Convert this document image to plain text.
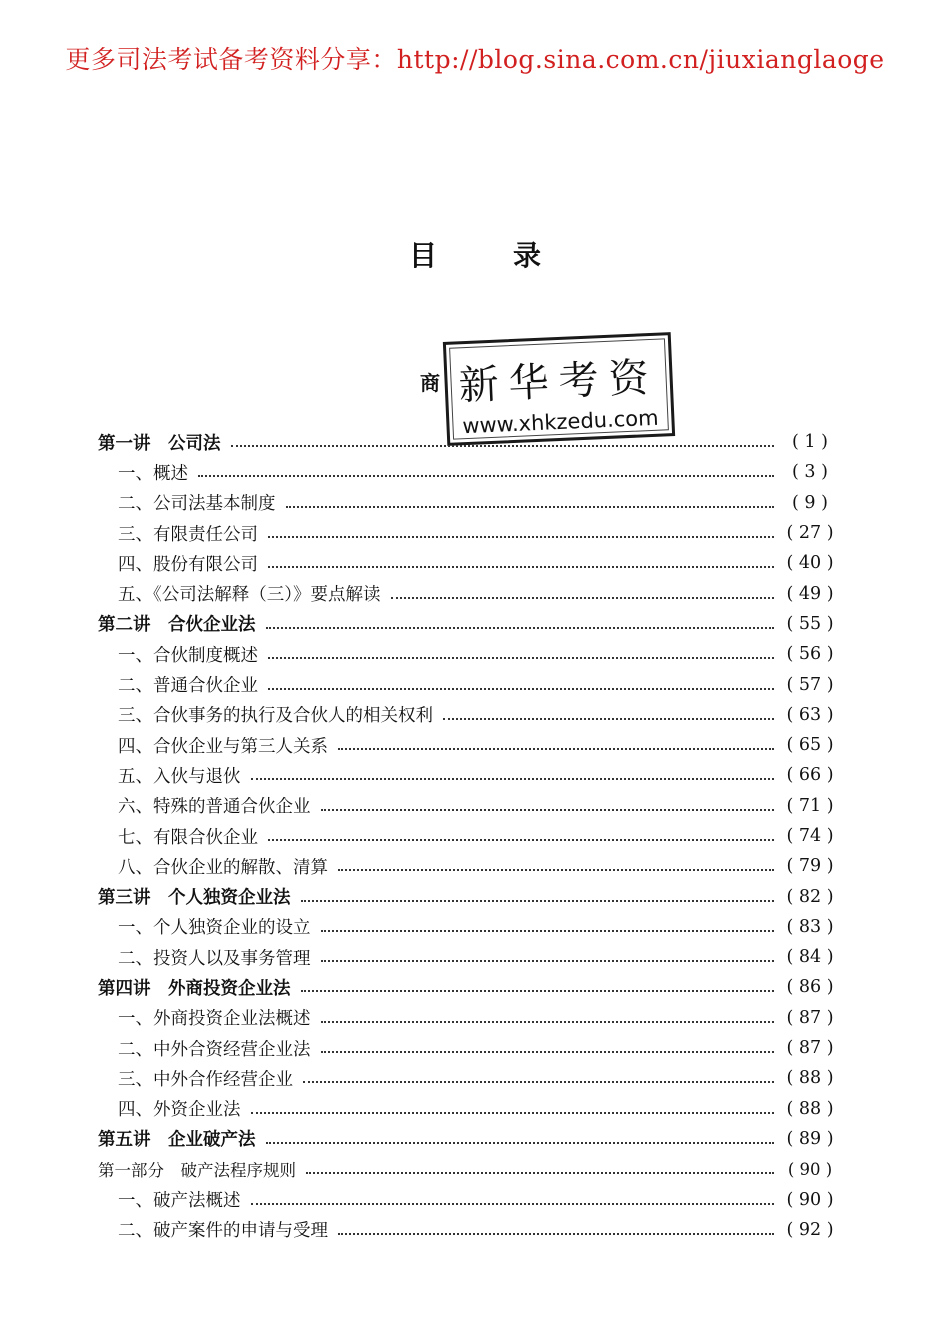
更多司法考试备考资料分享：http://blog.sina.com.cn/jiuxianglaoge
目	录
商 新华考资
www.xhkzedu.com
第一讲　公司法	( 1 )
一、概述	( 3 )
二、公司法基本制度	( 9 )
三、有限责任公司	( 27 )
四、股份有限公司	( 40 )
五、《公司法解释（三）》要点解读	( 49 )
第二讲　合伙企业法	( 55 )
一、合伙制度概述	( 56 )
二、普通合伙企业	( 57 )
三、合伙事务的执行及合伙人的相关权利	( 63 )
四、合伙企业与第三人关系	( 65 )
五、入伙与退伙	( 66 )
六、特殊的普通合伙企业	( 71 )
七、有限合伙企业	( 74 )
八、合伙企业的解散、清算	( 79 )
第三讲　个人独资企业法	( 82 )
一、个人独资企业的设立	( 83 )
二、投资人以及事务管理	( 84 )
第四讲　外商投资企业法	( 86 )
一、外商投资企业法概述	( 87 )
二、中外合资经营企业法	( 87 )
三、中外合作经营企业	( 88 )
四、外资企业法	( 88 )
第五讲　企业破产法	( 89 )
第一部分　破产法程序规则	( 90 )
一、破产法概述	( 90 )
二、破产案件的申请与受理	( 92 )
